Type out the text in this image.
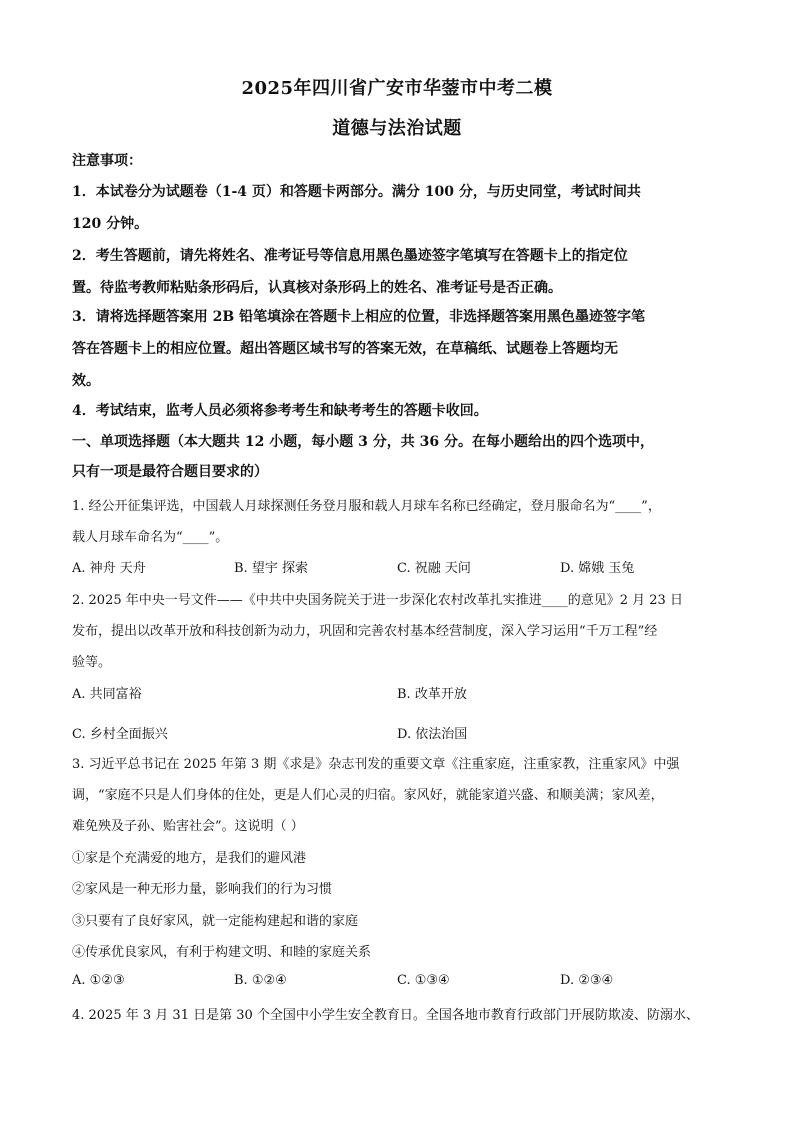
2025年四川省广安市华蓥市中考二模
道德与法治试题
注意事项：
1．本试卷分为试题卷（1-4 页）和答题卡两部分。满分 100 分，与历史同堂，考试时间共
120 分钟。
2．考生答题前，请先将姓名、准考证号等信息用黑色墨迹签字笔填写在答题卡上的指定位
置。待监考教师粘贴条形码后，认真核对条形码上的姓名、准考证号是否正确。
3．请将选择题答案用 2B 铅笔填涂在答题卡上相应的位置，非选择题答案用黑色墨迹签字笔
答在答题卡上的相应位置。超出答题区域书写的答案无效，在草稿纸、试题卷上答题均无
效。
4．考试结束，监考人员必须将参考考生和缺考考生的答题卡收回。
一、单项选择题（本大题共 12 小题，每小题 3 分，共 36 分。在每小题给出的四个选项中，
只有一项是最符合题目要求的）
1. 经公开征集评选，中国载人月球探测任务登月服和载人月球车名称已经确定，登月服命名为“____”，
载人月球车命名为“____”。
A. 神舟 天舟	B. 望宇 探索	C. 祝融 天问	D. 嫦娥 玉兔
2. 2025 年中央一号文件——《中共中央国务院关于进一步深化农村改革扎实推进____的意见》2 月 23 日
发布，提出以改革开放和科技创新为动力，巩固和完善农村基本经营制度，深入学习运用“千万工程”经
验等。
A. 共同富裕	B. 改革开放
C. 乡村全面振兴	D. 依法治国
3. 习近平总书记在 2025 年第 3 期《求是》杂志刊发的重要文章《注重家庭，注重家教，注重家风》中强
调，“家庭不只是人们身体的住处，更是人们心灵的归宿。家风好，就能家道兴盛、和顺美满；家风差，
难免殃及子孙、贻害社会”。这说明（ ）
①家是个充满爱的地方，是我们的避风港
②家风是一种无形力量，影响我们的行为习惯
③只要有了良好家风，就一定能构建起和谐的家庭
④传承优良家风，有利于构建文明、和睦的家庭关系
A. ①②③	B. ①②④	C. ①③④	D. ②③④
4. 2025 年 3 月 31 日是第 30 个全国中小学生安全教育日。全国各地市教育行政部门开展防欺凌、防溺水、
